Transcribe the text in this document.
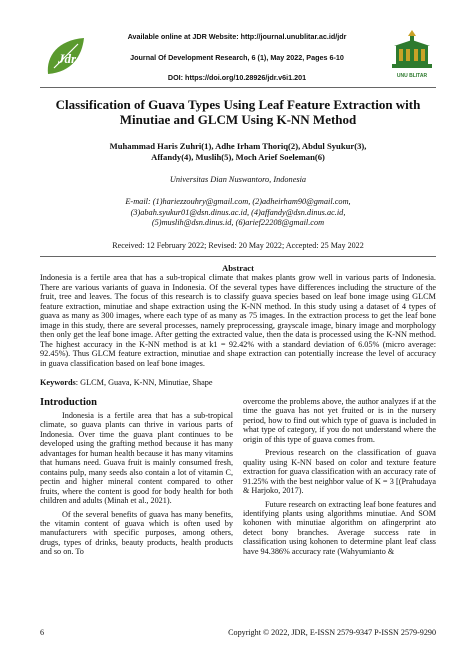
Available online at JDR Website: http://journal.unublitar.ac.id/jdr
Journal Of Development Research, 6 (1), May 2022, Pages 6-10
DOI: https://doi.org/10.28926/jdr.v6i1.201
Jdr
UNU BLITAR
Classification of Guava Types Using Leaf Feature Extraction with Minutiae and GLCM Using K-NN Method
Muhammad Haris Zuhri(1), Adhe Irham Thoriq(2), Abdul Syukur(3),
Affandy(4), Muslih(5), Moch Arief Soeleman(6)
Universitas Dian Nuswantoro, Indonesia
E-mail: (1)hariezzouhry@gmail.com, (2)adheirham90@gmail.com,
(3)abah.syukur01@dsn.dinus.ac.id, (4)affandy@dsn.dinus.ac.id,
(5)muslih@dsn.dinus.id, (6)arief22208@gmail.com
Received: 12 February 2022; Revised: 20 May 2022; Accepted: 25 May 2022
Abstract
Indonesia is a fertile area that has a sub-tropical climate that makes plants grow well in various parts of Indonesia. There are various variants of guava in Indonesia. Of the several types have differences including the structure of the fruit, tree and leaves. The focus of this research is to classify guava species based on leaf bone image using GLCM feature extraction, minutiae and shape extraction using the K-NN method. In this study using a dataset of 4 types of guava as many as 300 images, where each type of as many as 75 images. In the extraction process to get the leaf bone image in this study, there are several processes, namely preprocessing, grayscale image, binary image and morphology then only get the leaf bone image. After getting the extracted value, then the data is processed using the K-NN method. The highest accuracy in the K-NN method is at k1 = 92.42% with a standard deviation of 6.05% (micro average: 92.45%). Thus GLCM feature extraction, minutiae and shape extraction can potentially increase the level of accuracy in guava classification based on leaf bone images.
Keywords: GLCM, Guava, K-NN, Minutiae, Shape
Introduction

Indonesia is a fertile area that has a sub-tropical climate, so guava plants can thrive in various parts of Indonesia. Over time the guava plant continues to be developed using the grafting method because it has many advantages for human health because it has many vitamins that humans need. Guava fruit is mainly consumed fresh, contains pulp, many seeds also contain a lot of vitamin C, pectin and higher mineral content compared to other fruits, where the content is good for body health for both children and adults (Minah et al., 2021).

Of the several benefits of guava has many benefits, the vitamin content of guava which is often used by manufacturers with specific purposes, among others, drugs, types of drinks, beauty products, health products and so on. To

overcome the problems above, the author analyzes if at the time the guava has not yet fruited or is in the nursery period, how to find out which type of guava is included in what type of category, if you do not understand where the origin of this type of guava comes from.

Previous research on the classification of guava quality using K-NN based on color and texture feature extraction for guava classification with an accuracy rate of 91.25% with the best neighbor value of K = 3 [(Prahudaya & Harjoko, 2017).

Future research on extracting leaf bone features and identifying plants using algorithms minutiae. And SOM kohonen with minutiae algorithm on afingerprint ato detect bony branches. Average success rate in classification using kohonen to determine plant leaf class have 94.386% accuracy rate (Wahyumianto &

6	Copyright © 2022, JDR, E-ISSN 2579-9347 P-ISSN 2579-9290
